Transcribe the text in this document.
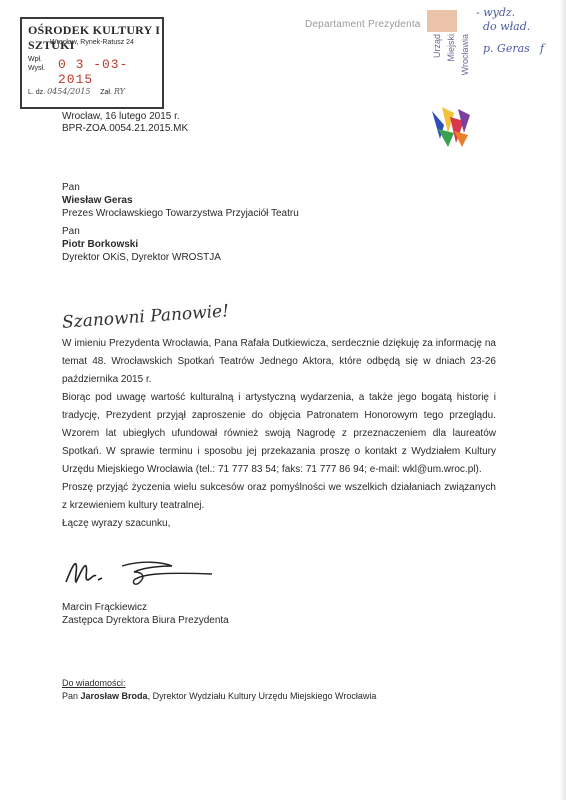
OŚRODEK KULTURY I SZTUKI
Wrocław, Rynek-Ratusz 24
Wpł.
Wysł. 0 3 -03- 2015
L. dz. 0454/2015 Zał. RY
Departament Prezydenta
Urząd Miejski Wrocławia
- wydz.
do wład.
p. Geras f
Wrocław, 16 lutego 2015 r.
BPR-ZOA.0054.21.2015.MK
Pan
Wiesław Geras
Prezes Wrocławskiego Towarzystwa Przyjaciół Teatru
Pan
Piotr Borkowski
Dyrektor OKiS, Dyrektor WROSTJA
Szanowni Panowie!

W imieniu Prezydenta Wrocławia, Pana Rafała Dutkiewicza, serdecznie dziękuję za informację na temat 48. Wrocławskich Spotkań Teatrów Jednego Aktora, które odbędą się w dniach 23-26 października 2015 r.

Biorąc pod uwagę wartość kulturalną i artystyczną wydarzenia, a także jego bogatą historię i tradycję, Prezydent przyjął zaproszenie do objęcia Patronatem Honorowym tego przeglądu. Wzorem lat ubiegłych ufundował również swoją Nagrodę z przeznaczeniem dla laureatów Spotkań. W sprawie terminu i sposobu jej przekazania proszę o kontakt z Wydziałem Kultury Urzędu Miejskiego Wrocławia (tel.: 71 777 83 54; faks: 71 777 86 94; e-mail: wkl@um.wroc.pl).

Proszę przyjąć życzenia wielu sukcesów oraz pomyślności we wszelkich działaniach związanych z krzewieniem kultury teatralnej.

Łączę wyrazy szacunku,

Marcin Frąckiewicz
Zastępca Dyrektora Biura Prezydenta
Do wiadomości:
Pan Jarosław Broda, Dyrektor Wydziału Kultury Urzędu Miejskiego Wrocławia
